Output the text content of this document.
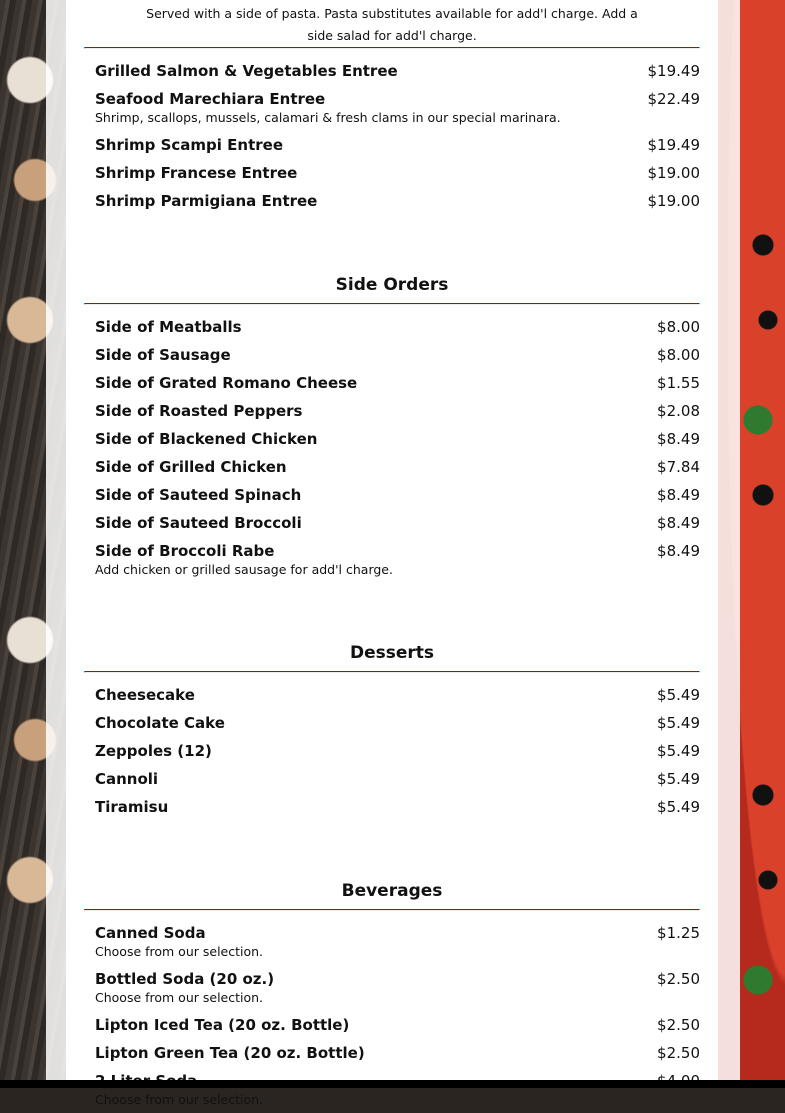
Served with a side of pasta. Pasta substitutes available for add'l charge. Add a side salad for add'l charge.
Grilled Salmon & Vegetables Entree	$19.49
Seafood Marechiara Entree	$22.49
Shrimp, scallops, mussels, calamari & fresh clams in our special marinara.
Shrimp Scampi Entree	$19.49
Shrimp Francese Entree	$19.00
Shrimp Parmigiana Entree	$19.00
Side Orders
Side of Meatballs	$8.00
Side of Sausage	$8.00
Side of Grated Romano Cheese	$1.55
Side of Roasted Peppers	$2.08
Side of Blackened Chicken	$8.49
Side of Grilled Chicken	$7.84
Side of Sauteed Spinach	$8.49
Side of Sauteed Broccoli	$8.49
Side of Broccoli Rabe	$8.49
Add chicken or grilled sausage for add'l charge.
Desserts
Cheesecake	$5.49
Chocolate Cake	$5.49
Zeppoles (12)	$5.49
Cannoli	$5.49
Tiramisu	$5.49
Beverages
Canned Soda	$1.25
Choose from our selection.
Bottled Soda (20 oz.)	$2.50
Choose from our selection.
Lipton Iced Tea (20 oz. Bottle)	$2.50
Lipton Green Tea (20 oz. Bottle)	$2.50
Choose from our selection.
